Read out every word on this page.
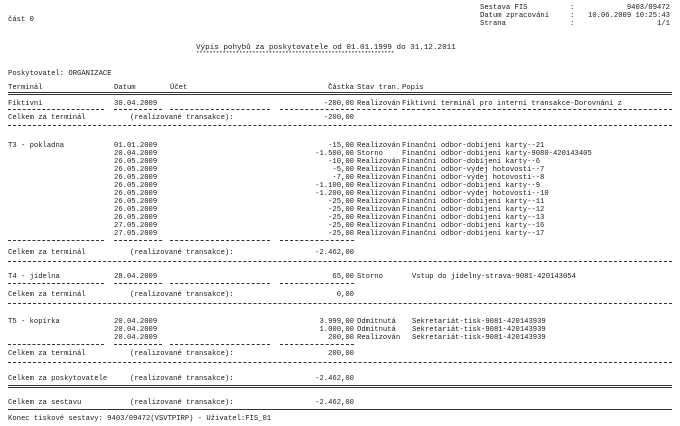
část 0
Sestava FIS	:	9403/09472
Datum zpracování	:	10.06.2009 10:25:43
Strana	:	1/1
Výpis pohybů za poskytovatele od 01.01.1999 do 31.12.2011
************************************************************
Poskytovatel: ORGANIZACE
Terminál	Datum	Účet	Částka Stav tran. Popis
Fiktivní	30.04.2009	-200,00 Realizován Fiktivní terminál pro interní transakce-Dorovnání z
Celkem za terminál	(realizované transakce):	-200,00
T3 - pokladna	01.01.2009	-15,00 Realizován Finanční odbor-dobíjení karty--21
20.04.2009	-1.500,00 Storno	Finanční odbor-dobíjení karty-9080-420143405
26.05.2009	-10,00 Realizován Finanční odbor-dobíjení karty--6
26.05.2009	-5,00 Realizován Finanční odbor-výdej hotovosti--7
26.05.2009	-7,00 Realizován Finanční odbor-výdej hotovosti--8
26.05.2009	-1.100,00 Realizován Finanční odbor-dobíjení karty--9
26.05.2009	-1.200,00 Realizován Finanční odbor-výdej hotovosti--10
26.05.2009	-25,00 Realizován Finanční odbor-dobíjení karty--11
26.05.2009	-25,00 Realizován Finanční odbor-dobíjení karty--12
26.05.2009	-25,00 Realizován Finanční odbor-dobíjení karty--13
27.05.2009	-25,00 Realizován Finanční odbor-dobíjení karty--16
27.05.2009	-25,00 Realizován Finanční odbor-dobíjení karty--17
Celkem za terminál	(realizované transakce):	-2.462,00
T4 - jídelna	28.04.2009	65,00 Storno	Vstup do jídelny-strava-9081-420143054
Celkem za terminál	(realizované transakce):	0,00
T5 - kopírka	20.04.2009	3.999,00 Odmítnutá Sekretariát-tisk-9081-420143939
20.04.2009	1.000,00 Odmítnutá Sekretariát-tisk-9081-420143939
20.04.2009	200,00 Realizován Sekretariát-tisk-9081-420143939
Celkem za terminál	(realizované transakce):	200,00
Celkem za poskytovatele	(realizované transakce):	-2.462,00
Celkem za sestavu	(realizované transakce):	-2.462,00
Konec tiskové sestavy: 9403/09472(VSVTPIRP) - Uživatel:FIS_01
